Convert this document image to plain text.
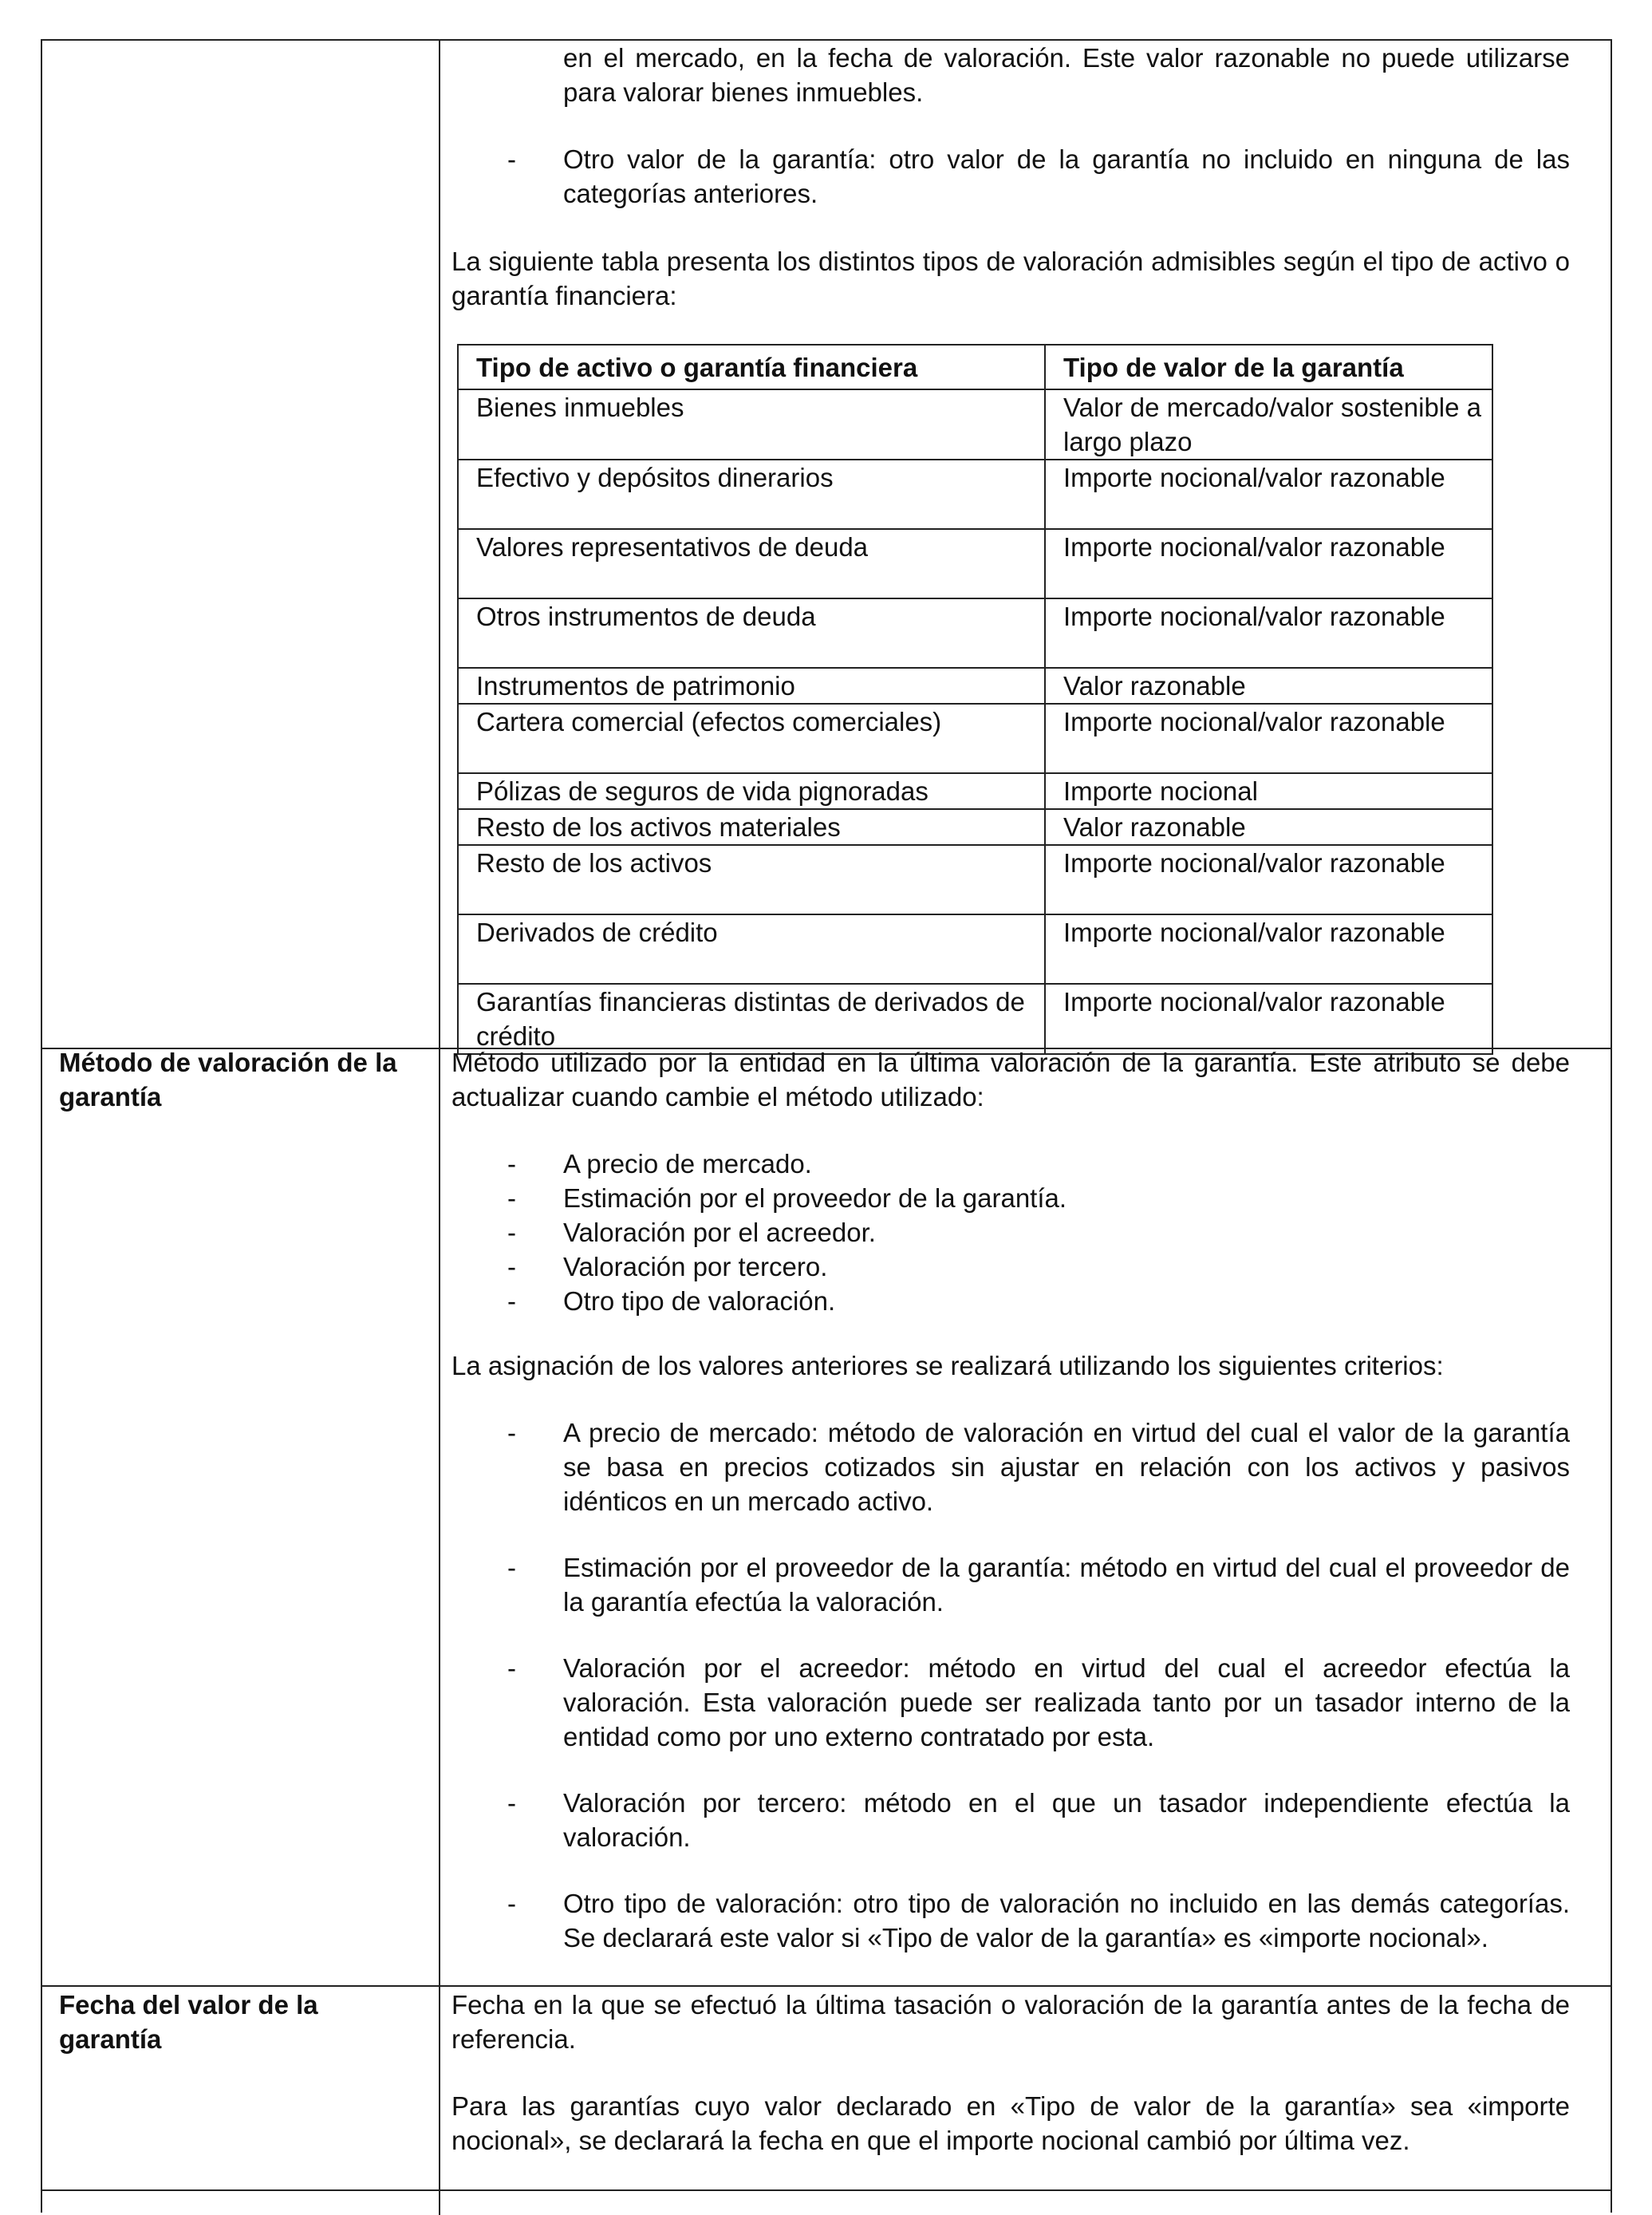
en el mercado, en la fecha de valoración. Este valor razonable no puede utilizarse para valorar bienes inmuebles.
- Otro valor de la garantía: otro valor de la garantía no incluido en ninguna de las categorías anteriores.
La siguiente tabla presenta los distintos tipos de valoración admisibles según el tipo de activo o garantía financiera:
Tipo de activo o garantía financiera	Tipo de valor de la garantía
Bienes inmuebles	Valor de mercado/valor sostenible a largo plazo
Efectivo y depósitos dinerarios	Importe nocional/valor razonable
Valores representativos de deuda	Importe nocional/valor razonable
Otros instrumentos de deuda	Importe nocional/valor razonable
Instrumentos de patrimonio	Valor razonable
Cartera comercial (efectos comerciales)	Importe nocional/valor razonable
Pólizas de seguros de vida pignoradas	Importe nocional
Resto de los activos materiales	Valor razonable
Resto de los activos	Importe nocional/valor razonable
Derivados de crédito	Importe nocional/valor razonable
Garantías financieras distintas de derivados de crédito	Importe nocional/valor razonable
Método de valoración de la garantía
Método utilizado por la entidad en la última valoración de la garantía. Este atributo se debe actualizar cuando cambie el método utilizado:
- A precio de mercado.
- Estimación por el proveedor de la garantía.
- Valoración por el acreedor.
- Valoración por tercero.
- Otro tipo de valoración.
La asignación de los valores anteriores se realizará utilizando los siguientes criterios:
- A precio de mercado: método de valoración en virtud del cual el valor de la garantía se basa en precios cotizados sin ajustar en relación con los activos y pasivos idénticos en un mercado activo.
- Estimación por el proveedor de la garantía: método en virtud del cual el proveedor de la garantía efectúa la valoración.
- Valoración por el acreedor: método en virtud del cual el acreedor efectúa la valoración. Esta valoración puede ser realizada tanto por un tasador interno de la entidad como por uno externo contratado por esta.
- Valoración por tercero: método en el que un tasador independiente efectúa la valoración.
- Otro tipo de valoración: otro tipo de valoración no incluido en las demás categorías. Se declarará este valor si «Tipo de valor de la garantía» es «importe nocional».
Fecha del valor de la garantía
Fecha en la que se efectuó la última tasación o valoración de la garantía antes de la fecha de referencia.
Para las garantías cuyo valor declarado en «Tipo de valor de la garantía» sea «importe nocional», se declarará la fecha en que el importe nocional cambió por última vez.
